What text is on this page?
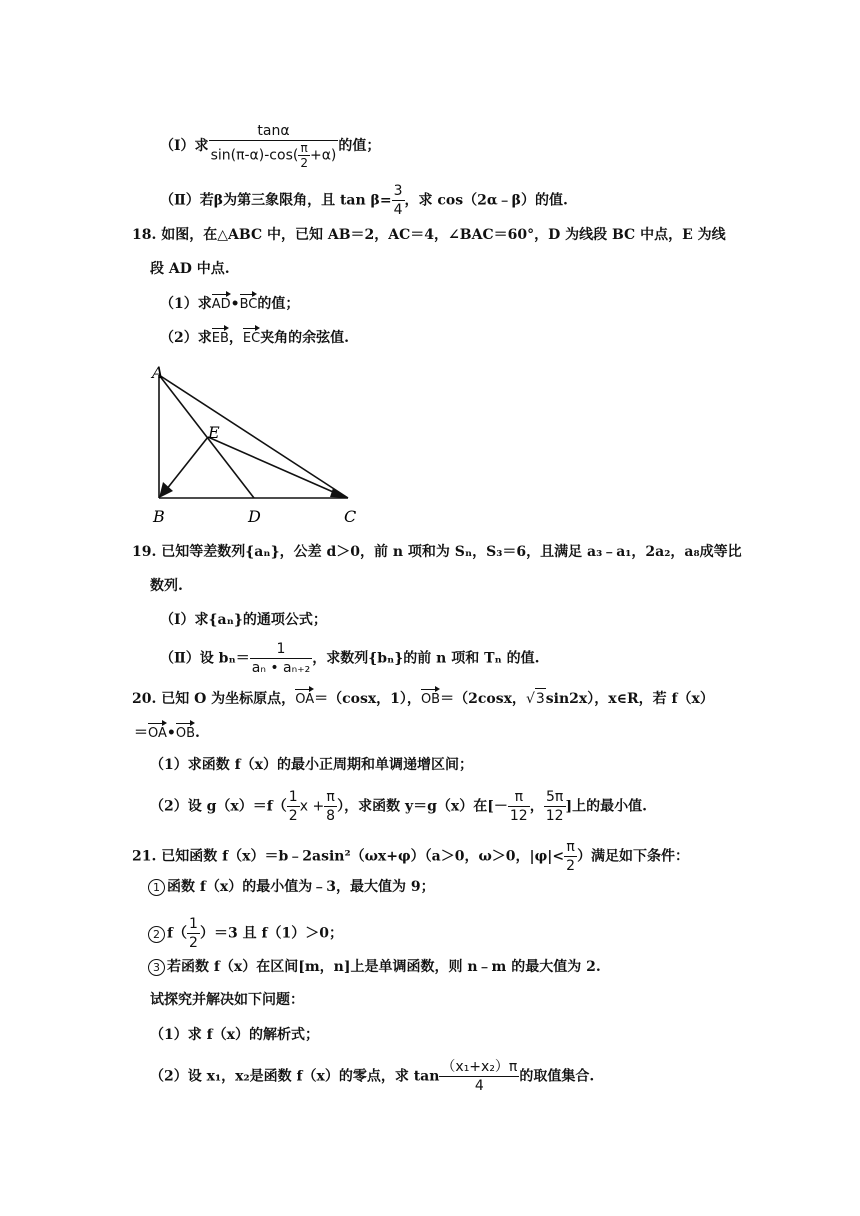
（Ⅰ）求 $\frac{\tan\alpha}{\sin(\pi-\alpha)-\cos( \frac{\pi}{2} +\alpha)}$ 的值；
（Ⅱ）若β为第三象限角，且 $\tan \beta= \frac{3}{4}$ ，求 cos（2α﹣β）的值.
18. 如图，在△ABC 中，已知 AB＝2，AC＝4，∠BAC＝60°，D 为线段 BC 中点，E 为线
段 AD 中点.
（1）求AD•BC的值；
（2）求EB，EC夹角的余弦值.
A
E
B	D	C
19. 已知等差数列{aₙ}，公差 d＞0，前 n 项和为 Sₙ，S₃＝6，且满足 a₃﹣a₁，2a₂，a₈成等比
数列.
（Ⅰ）求{aₙ}的通项公式；
（Ⅱ）设 $b_n= \frac{1}{\text{aₙ • aₙ₊₂}}$ ，求数列{bₙ}的前 n 项和 Tₙ 的值.
20. 已知 O 为坐标原点，OA＝（cosx，1），OB＝（2cosx，√3sin2x），x∈R，若 f（x）
＝OA•OB.
（1）求函数 f（x）的最小正周期和单调递增区间；
（2）设 $g(x)=f( \frac{1}{2}$ $x + \frac{\pi}{8}$ ），求函数 y＝g（x）在[－ $\frac{\pi}{12}$ ， $\frac{5\pi}{12}$ ]上的最小值.
21. 已知函数 f（x）＝b﹣2asin²（ωx+φ）（a＞0，ω＞0，$|\varphi|< \frac{\pi}{2}$ ）满足如下条件：
1 函数 f（x）的最小值为﹣3，最大值为 9；
2 $f( \frac{1}{2} )=3$ 且 f（1）＞0；
3 若函数 f（x）在区间[m，n]上是单调函数，则 n﹣m 的最大值为 2.
试探究并解决如下问题：
（1）求 f（x）的解析式；
（2）设 x₁，x₂是函数 f（x）的零点，求 $\tan \frac{\text{（x₁+x₂）π}}{4}$ 的取值集合.
